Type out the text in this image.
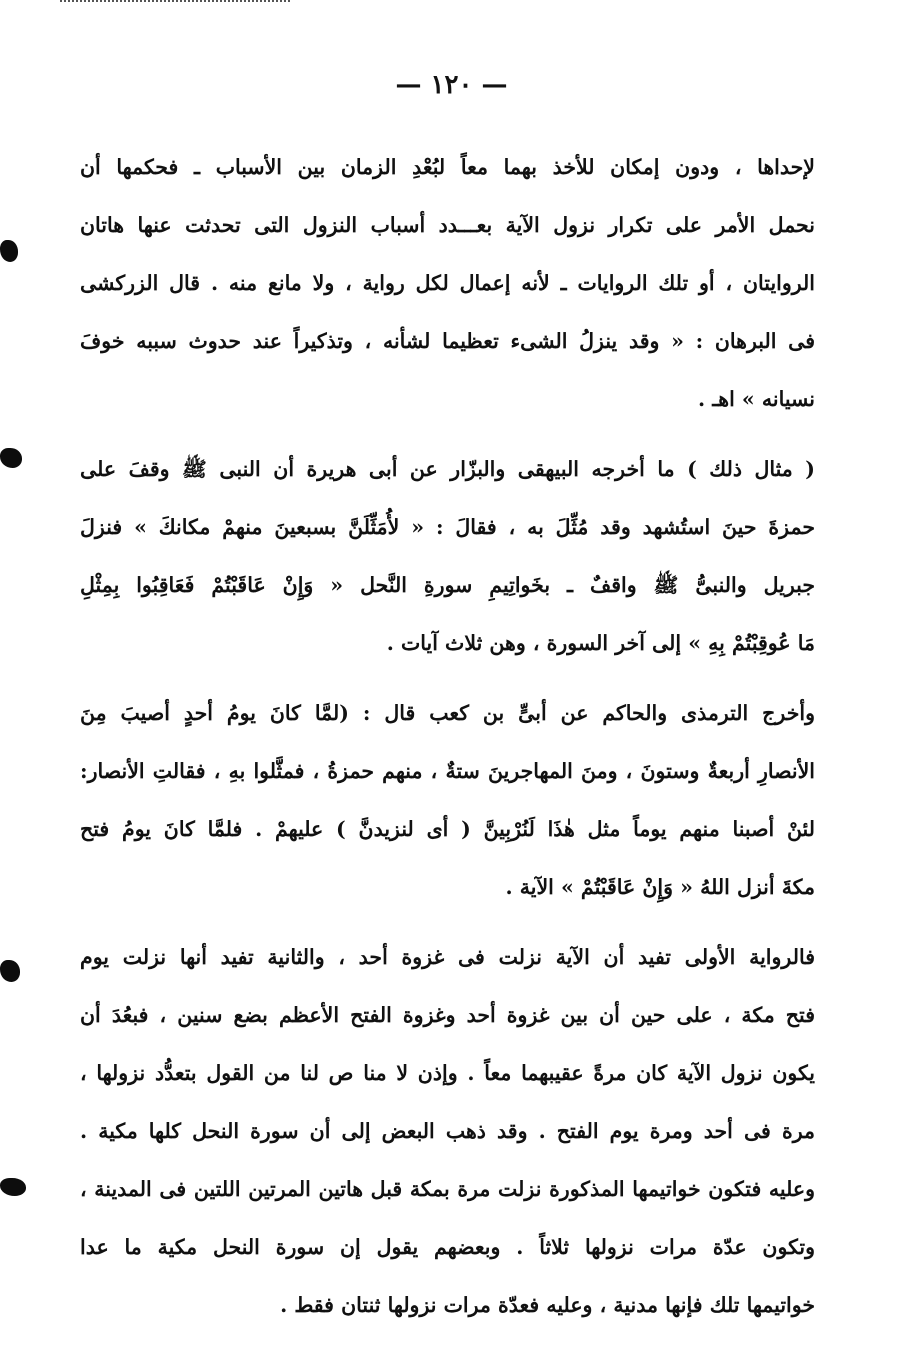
— ١٢٠ —
لإحداها ، ودون إمكان للأخذ بهما معاً لبُعْدِ الزمان بين الأسباب ـ فحكمها أن
نحمل الأمر على تكرار نزول الآية بعـــدد أسباب النزول التى تحدثت عنها هاتان
الروايتان ، أو تلك الروايات ـ لأنه إعمال لكل رواية ، ولا مانع منه . قال الزركشى
فى البرهان : « وقد ينزلُ الشىء تعظيما لشأنه ، وتذكيراً عند حدوث سببه خوفَ
نسيانه » اهـ .
( مثال ذلك ) ما أخرجه البيهقى والبزّار عن أبى هريرة أن النبى ﷺ وقفَ على
حمزةَ حينَ استُشهد وقد مُثِّلَ به ، فقالَ : « لأُمَثِّلَنَّ بسبعينَ منهمْ مكانكَ » فنزلَ
جبريل والنبىُّ ﷺ واقفٌ ـ بخَواتِيمِ سورةِ النَّحل « وَإِنْ عَاقَبْتُمْ فَعَاقِبُوا بِمِثْلِ
مَا عُوقِبْتُمْ بِهِ » إلى آخر السورة ، وهن ثلاث آيات .
وأخرج الترمذى والحاكم عن أبىٍّ بن كعب قال : (لمَّا كانَ يومُ أحدٍ أصيبَ مِنَ
الأنصارِ أربعةٌ وستونَ ، ومنَ المهاجرينَ ستةٌ ، منهم حمزةُ ، فمثَّلوا بهِ ، فقالتِ الأنصار:
لئنْ أصبنا منهم يوماً مثل هٰذَا لَنُرْبِينَّ ( أى لنزيدنَّ ) عليهمْ . فلمَّا كانَ يومُ فتح
مكةَ أنزل اللهُ « وَإِنْ عَاقَبْتُمْ » الآية .
فالرواية الأولى تفيد أن الآية نزلت فى غزوة أحد ، والثانية تفيد أنها نزلت يوم
فتح مكة ، على حين أن بين غزوة أحد وغزوة الفتح الأعظم بضع سنين ، فبعُدَ أن
يكون نزول الآية كان مرةً عقيبهما معاً . وإذن لا منا ص لنا من القول بتعدُّد نزولها ،
مرة فى أحد ومرة يوم الفتح . وقد ذهب البعض إلى أن سورة النحل كلها مكية .
وعليه فتكون خواتيمها المذكورة نزلت مرة بمكة قبل هاتين المرتين اللتين فى المدينة ،
وتكون عدّة مرات نزولها ثلاثاً . وبعضهم يقول إن سورة النحل مكية ما عدا
خواتيمها تلك فإنها مدنية ، وعليه فعدّة مرات نزولها ثنتان فقط .
